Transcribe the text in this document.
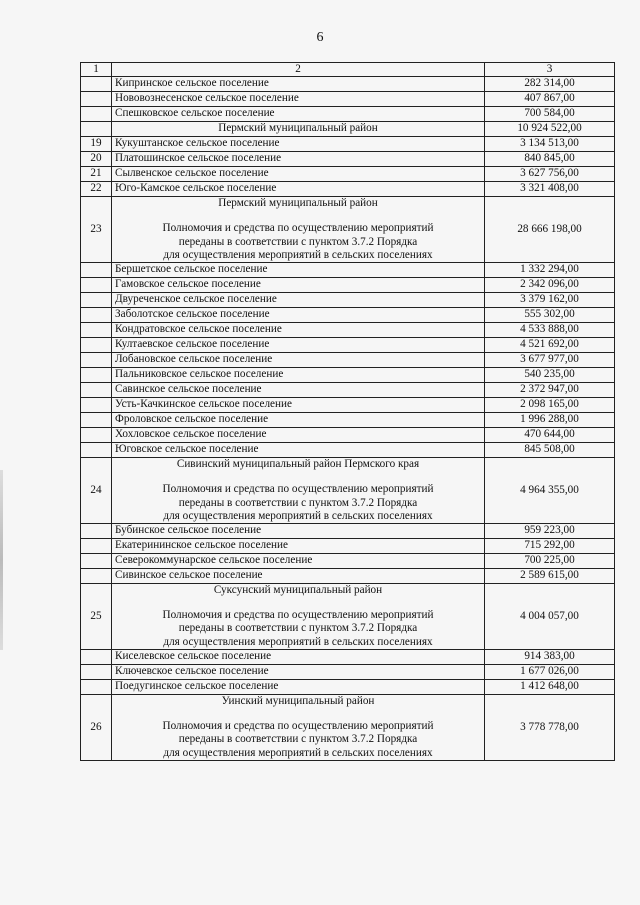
6
1	2	3
	Кипринское сельское поселение	282 314,00
	Нововознесенское сельское поселение	407 867,00
	Спешковское сельское поселение	700 584,00
	Пермский муниципальный район	10 924 522,00
19	Кукуштанское сельское поселение	3 134 513,00
20	Платошинское сельское поселение	840 845,00
21	Сылвенское сельское поселение	3 627 756,00
22	Юго-Камское сельское поселение	3 321 408,00
23	Пермский муниципальный район
Полномочия и средства по осуществлению мероприятий
переданы в соответствии с пунктом 3.7.2 Порядка
для осуществления мероприятий в сельских поселениях	28 666 198,00
	Бершетское сельское поселение	1 332 294,00
	Гамовское сельское поселение	2 342 096,00
	Двуреченское сельское поселение	3 379 162,00
	Заболотское сельское поселение	555 302,00
	Кондратовское сельское поселение	4 533 888,00
	Култаевское сельское поселение	4 521 692,00
	Лобановское сельское поселение	3 677 977,00
	Пальниковское сельское поселение	540 235,00
	Савинское сельское поселение	2 372 947,00
	Усть-Качкинское сельское поселение	2 098 165,00
	Фроловское сельское поселение	1 996 288,00
	Хохловское сельское поселение	470 644,00
	Юговское сельское поселение	845 508,00
24	Сивинский муниципальный район Пермского края
Полномочия и средства по осуществлению мероприятий
переданы в соответствии с пунктом 3.7.2 Порядка
для осуществления мероприятий в сельских поселениях	4 964 355,00
	Бубинское сельское поселение	959 223,00
	Екатерининское сельское поселение	715 292,00
	Северокоммунарское сельское поселение	700 225,00
	Сивинское сельское поселение	2 589 615,00
25	Суксунский муниципальный район
Полномочия и средства по осуществлению мероприятий
переданы в соответствии с пунктом 3.7.2 Порядка
для осуществления мероприятий в сельских поселениях	4 004 057,00
	Киселевское сельское поселение	914 383,00
	Ключевское сельское поселение	1 677 026,00
	Поедугинское сельское поселение	1 412 648,00
26	Уинский муниципальный район
Полномочия и средства по осуществлению мероприятий
переданы в соответствии с пунктом 3.7.2 Порядка
для осуществления мероприятий в сельских поселениях	3 778 778,00
